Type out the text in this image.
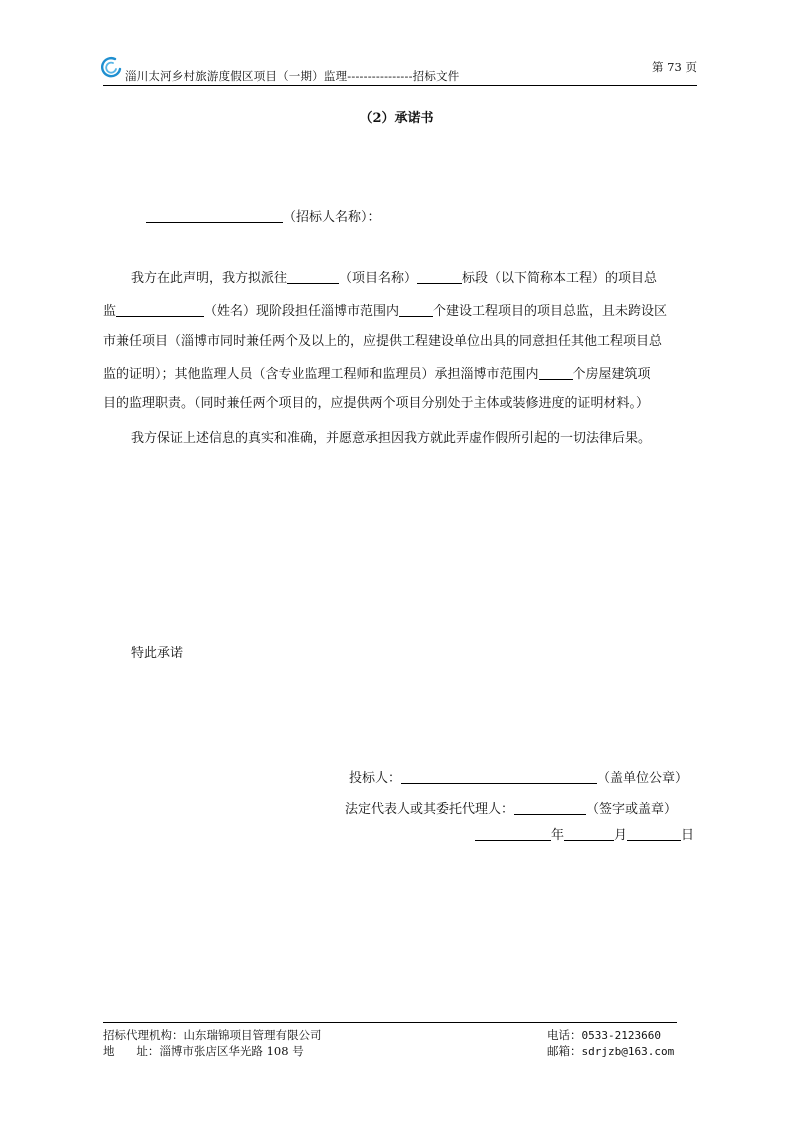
淄川太河乡村旅游度假区项目（一期）监理----------------招标文件
第 73 页
（2）承诺书
（招标人名称）：
我方在此声明，我方拟派往	（项目名称）	标段（以下简称本工程）的项目总
监	（姓名）现阶段担任淄博市范围内	个建设工程项目的项目总监，且未跨设区
市兼任项目（淄博市同时兼任两个及以上的，应提供工程建设单位出具的同意担任其他工程项目总
监的证明）；其他监理人员（含专业监理工程师和监理员）承担淄博市范围内	个房屋建筑项
目的监理职责。（同时兼任两个项目的，应提供两个项目分别处于主体或装修进度的证明材料。）
我方保证上述信息的真实和准确，并愿意承担因我方就此弄虚作假所引起的一切法律后果。
特此承诺
投标人：	（盖单位公章）
法定代表人或其委托代理人：	（签字或盖章）
年	月	日
招标代理机构：山东瑞锦项目管理有限公司
地      址：淄博市张店区华光路 108 号
电话：0533-2123660
邮箱：sdrjzb@163.com
